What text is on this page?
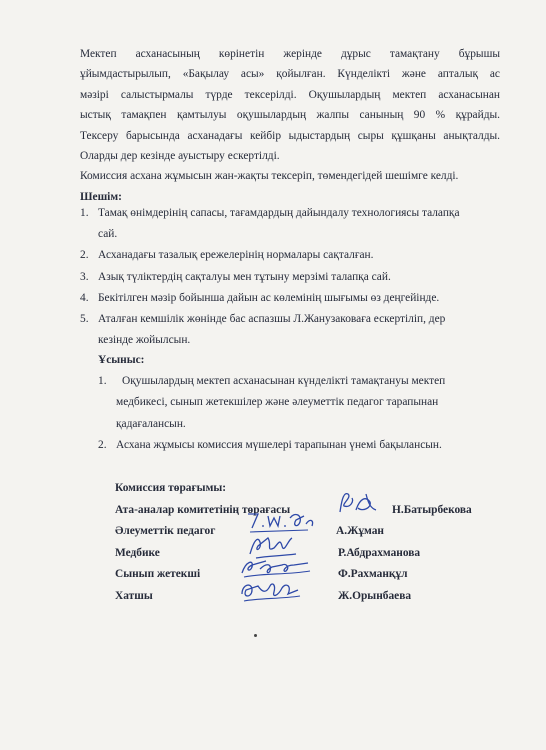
Мектеп асханасының көрінетін жерінде дұрыс тамақтану бұрышы
ұйымдастырылып, «Бақылау асы» қойылған. Күнделікті және апталық ас
мәзірі салыстырмалы түрде тексерілді. Оқушылардың мектеп асханасынан
ыстық тамақпен қамтылуы оқушылардың жалпы санының 90 % құрайды.
Тексеру барысында асханадағы кейбір ыдыстардың сыры құшқаны анықталды.
Оларды дер кезінде ауыстыру ескертілді.
Комиссия асхана жұмысын жан-жақты тексеріп, төмендегідей шешімге келді.
Шешім:
1. Тамақ өнімдерінің сапасы, тағамдардың дайындалу технологиясы талапқа
сай.
2. Асханадағы тазалық ережелерінің нормалары сақталған.
3. Азық түліктердің сақталуы мен тұтыну мерзімі талапқа сай.
4. Бекітілген мәзір бойынша дайын ас көлемінің шығымы өз деңгейінде.
5. Аталған кемшілік жөнінде бас аспазшы Л.Жанузаковаға ескертіліп, дер
кезінде жойылсын.
Ұсыныс:
1.	Оқушылардың мектеп асханасынан күнделікті тамақтануы мектеп
медбикесі, сынып жетекшілер және әлеуметтік педагог тарапынан
қадағалансын.
2. Асхана жұмысы комиссия мүшелері тарапынан үнемі бақылансын.
Комиссия төрағымы:
Ата-аналар комитетінің төрағасы
Әлеуметтік педагог
Медбике
Сынып жетекші
Хатшы
Н.Батырбекова
А.Жұман
Р.Абдрахманова
Ф.Рахманқұл
Ж.Орынбаева
